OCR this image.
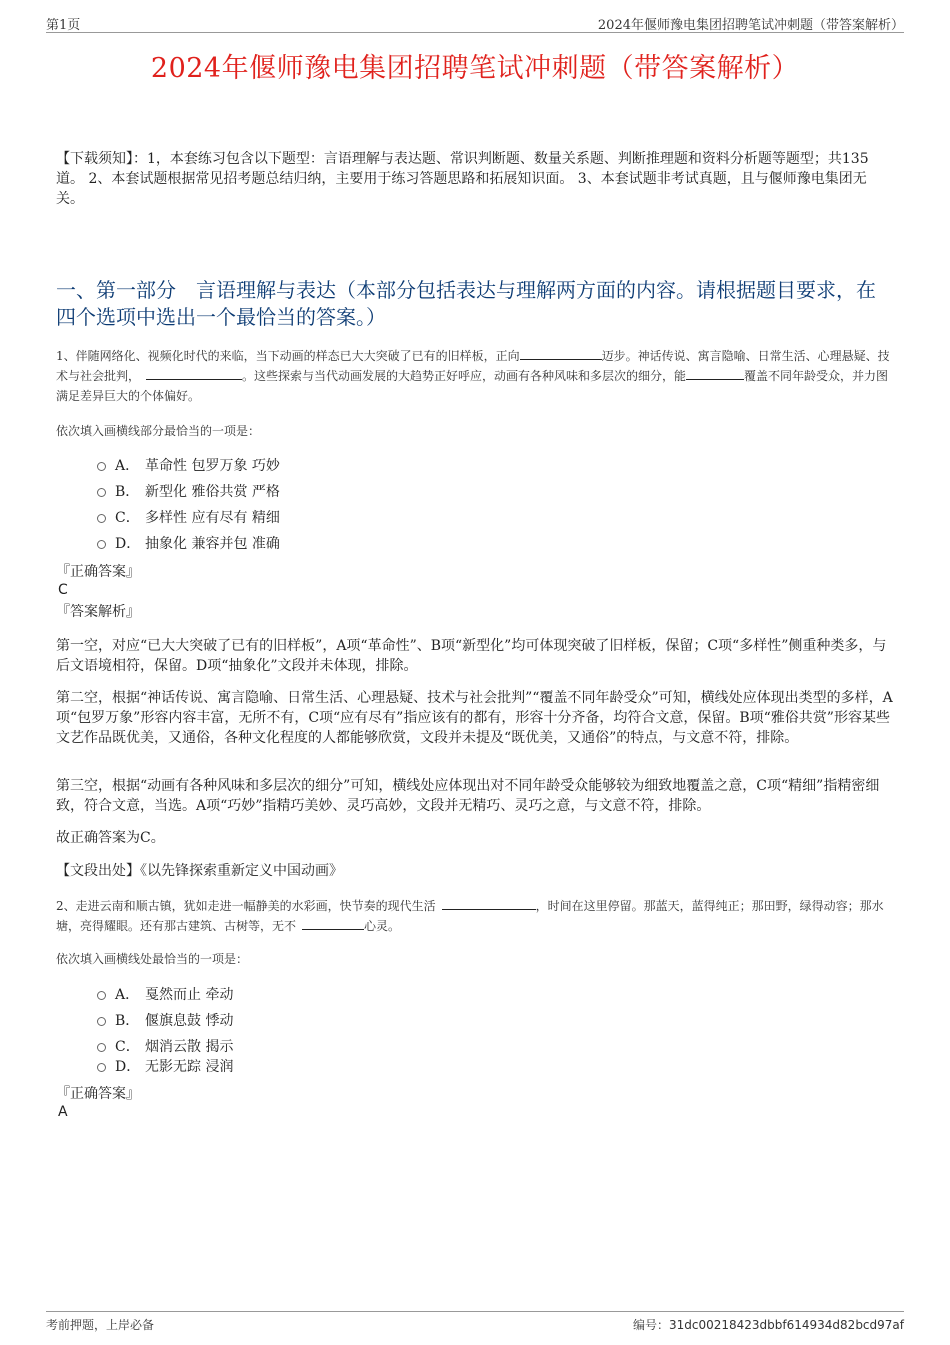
第1页	2024年偃师豫电集团招聘笔试冲刺题（带答案解析）
2024年偃师豫电集团招聘笔试冲刺题（带答案解析）
【下载须知】：1，本套练习包含以下题型：言语理解与表达题、常识判断题、数量关系题、判断推理题和资料分析题等题型；共135道。 2、本套试题根据常见招考题总结归纳，主要用于练习答题思路和拓展知识面。 3、本套试题非考试真题，且与偃师豫电集团无关。
一、第一部分　言语理解与表达（本部分包括表达与理解两方面的内容。请根据题目要求，在四个选项中选出一个最恰当的答案。）
1、伴随网络化、视频化时代的来临，当下动画的样态已大大突破了已有的旧样板，正向	迈步。神话传说、寓言隐喻、日常生活、心理悬疑、技术与社会批判，	。这些探索与当代动画发展的大趋势正好呼应，动画有各种风味和多层次的细分，能	覆盖不同年龄受众，并力图满足差异巨大的个体偏好。
依次填入画横线部分最恰当的一项是：
A． 革命性 包罗万象 巧妙
B． 新型化 雅俗共赏 严格
C． 多样性 应有尽有 精细
D． 抽象化 兼容并包 准确
『正确答案』
C
『答案解析』
第一空，对应“已大大突破了已有的旧样板”，A项“革命性”、B项“新型化”均可体现突破了旧样板，保留；C项“多样性”侧重种类多，与后文语境相符，保留。D项“抽象化”文段并未体现，排除。
第二空，根据“神话传说、寓言隐喻、日常生活、心理悬疑、技术与社会批判”“覆盖不同年龄受众”可知，横线处应体现出类型的多样，A项“包罗万象”形容内容丰富，无所不有，C项“应有尽有”指应该有的都有，形容十分齐备，均符合文意，保留。B项“雅俗共赏”形容某些文艺作品既优美，又通俗，各种文化程度的人都能够欣赏，文段并未提及“既优美，又通俗”的特点，与文意不符，排除。
第三空，根据“动画有各种风味和多层次的细分”可知，横线处应体现出对不同年龄受众能够较为细致地覆盖之意，C项“精细”指精密细致，符合文意，当选。A项“巧妙”指精巧美妙、灵巧高妙，文段并无精巧、灵巧之意，与文意不符，排除。
故正确答案为C。
【文段出处】《以先锋探索重新定义中国动画》
2、走进云南和顺古镇，犹如走进一幅静美的水彩画，快节奏的现代生活	，时间在这里停留。那蓝天，蓝得纯正；那田野，绿得动容；那水塘，亮得耀眼。还有那古建筑、古树等，无不	心灵。
依次填入画横线处最恰当的一项是：
A． 戛然而止 牵动
B． 偃旗息鼓 悸动
C． 烟消云散 揭示
D． 无影无踪 浸润
『正确答案』
A
考前押题，上岸必备	编号：31dc00218423dbbf614934d82bcd97af
